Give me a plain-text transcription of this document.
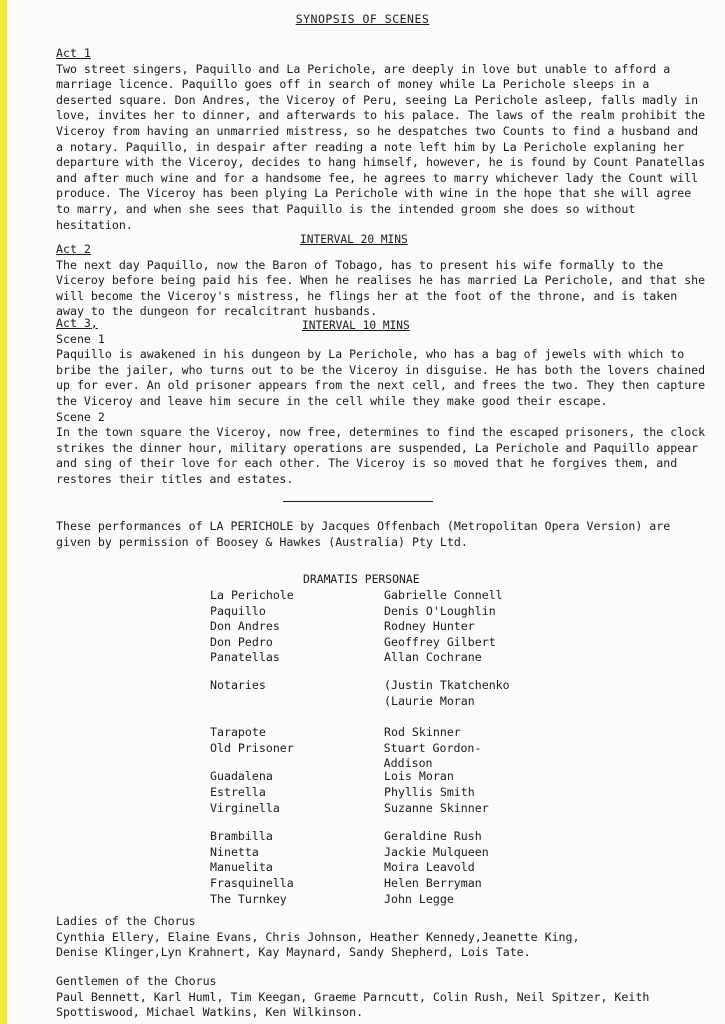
SYNOPSIS OF SCENES
Act 1

Two street singers, Paquillo and La Perichole, are deeply in love but unable to afford a marriage licence. Paquillo goes off in search of money while La Perichole sleeps in a deserted square. Don Andres, the Viceroy of Peru, seeing La Perichole asleep, falls madly in love, invites her to dinner, and afterwards to his palace. The laws of the realm prohibit the Viceroy from having an unmarried mistress, so he despatches two Counts to find a husband and a notary. Paquillo, in despair after reading a note left him by La Perichole explaning her departure with the Viceroy, decides to hang himself, however, he is found by Count Panatellas and after much wine and for a handsome fee, he agrees to marry whichever lady the Count will produce. The Viceroy has been plying La Perichole with wine in the hope that she will agree to marry, and when she sees that Paquillo is the intended groom she does so without hesitation.

INTERVAL 20 MINS
Act 2

The next day Paquillo, now the Baron of Tobago, has to present his wife formally to the Viceroy before being paid his fee. When he realises he has married La Perichole, and that she will become the Viceroy's mistress, he flings her at the foot of the throne, and is taken away to the dungeon for recalcitrant husbands.

INTERVAL 10 MINS
Act 3,
Scene 1

Paquillo is awakened in his dungeon by La Perichole, who has a bag of jewels with which to bribe the jailer, who turns out to be the Viceroy in disguise. He has both the lovers chained up for ever. An old prisoner appears from the next cell, and frees the two. They then capture the Viceroy and leave him secure in the cell while they make good their escape.

Scene 2

In the town square the Viceroy, now free, determines to find the escaped prisoners, the clock strikes the dinner hour, military operations are suspended, La Perichole and Paquillo appear and sing of their love for each other. The Viceroy is so moved that he forgives them, and restores their titles and estates.

These performances of LA PERICHOLE by Jacques Offenbach (Metropolitan Opera Version) are given by permission of Boosey & Hawkes (Australia) Pty Ltd.

DRAMATIS PERSONAE
La Perichole	Gabrielle Connell
Paquillo	Denis O'Loughlin
Don Andres	Rodney Hunter
Don Pedro	Geoffrey Gilbert
Panatellas	Allan Cochrane
Notaries	(Justin Tkatchenko
(Laurie Moran
Tarapote	Rod Skinner
Old Prisoner	Stuart Gordon-Addison
Guadalena	Lois Moran
Estrella	Phyllis Smith
Virginella	Suzanne Skinner
Brambilla	Geraldine Rush
Ninetta	Jackie Mulqueen
Manuelita	Moira Leavold
Frasquinella	Helen Berryman
The Turnkey	John Legge
Ladies of the Chorus
Cynthia Ellery, Elaine Evans, Chris Johnson, Heather Kennedy,Jeanette King,
Denise Klinger,Lyn Krahnert, Kay Maynard, Sandy Shepherd, Lois Tate.
Gentlemen of the Chorus
Paul Bennett, Karl Huml, Tim Keegan, Graeme Parncutt, Colin Rush, Neil Spitzer, Keith
Spottiswood, Michael Watkins, Ken Wilkinson.
